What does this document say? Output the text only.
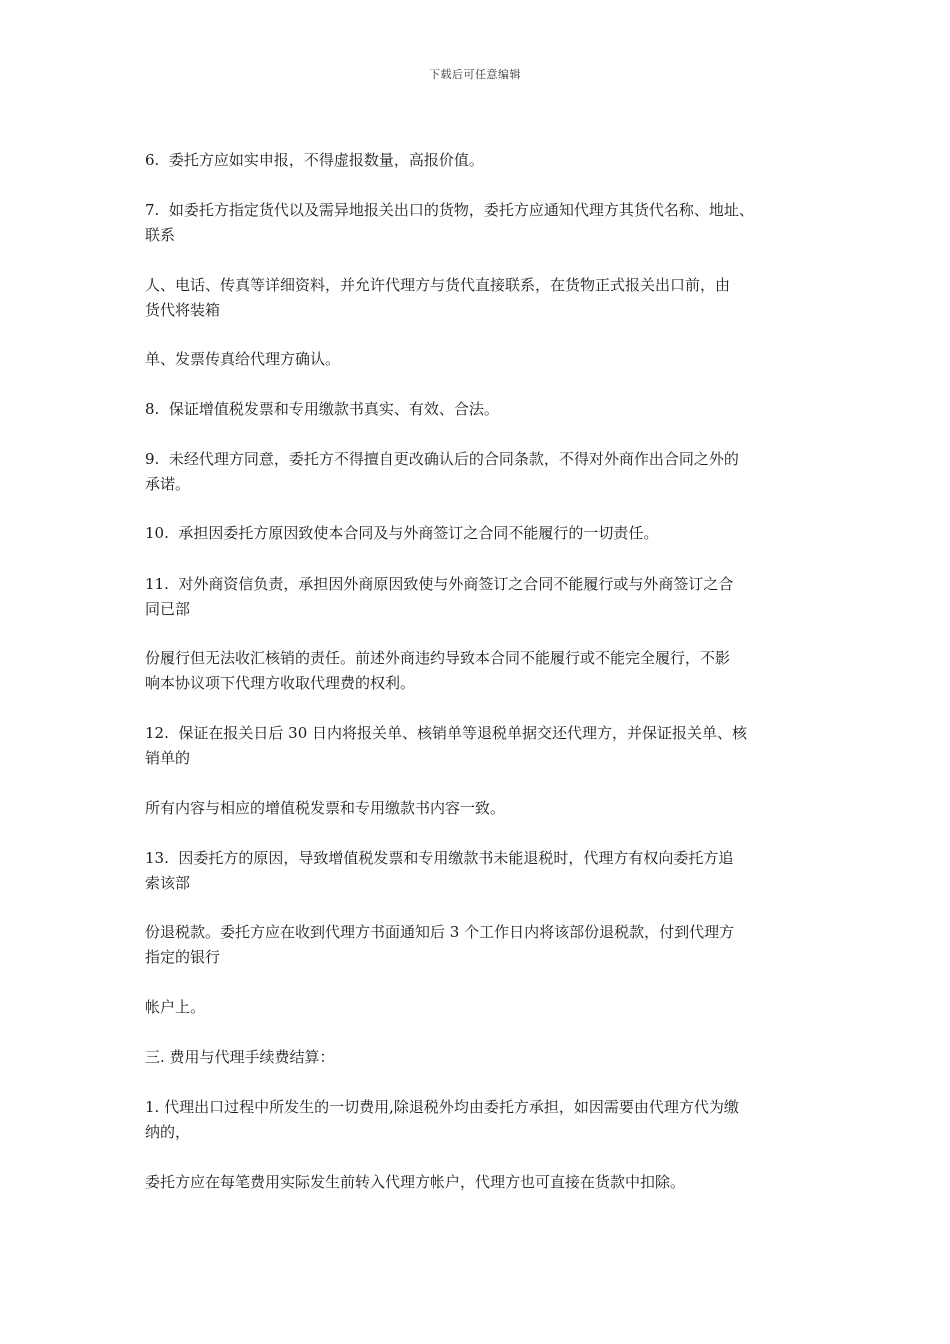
下载后可任意编辑
6.  委托方应如实申报，不得虚报数量，高报价值。
7.  如委托方指定货代以及需异地报关出口的货物，委托方应通知代理方其货代名称、地址、
联系
人、电话、传真等详细资料，并允许代理方与货代直接联系，在货物正式报关出口前，由
货代将装箱
单、发票传真给代理方确认。
8.  保证增值税发票和专用缴款书真实、有效、合法。
9.  未经代理方同意，委托方不得擅自更改确认后的合同条款，不得对外商作出合同之外的
承诺。
10.  承担因委托方原因致使本合同及与外商签订之合同不能履行的一切责任。
11.  对外商资信负责，承担因外商原因致使与外商签订之合同不能履行或与外商签订之合
同已部
份履行但无法收汇核销的责任。前述外商违约导致本合同不能履行或不能完全履行，不影
响本协议项下代理方收取代理费的权利。
12.  保证在报关日后 30 日内将报关单、核销单等退税单据交还代理方，并保证报关单、核
销单的
所有内容与相应的增值税发票和专用缴款书内容一致。
13.  因委托方的原因，导致增值税发票和专用缴款书未能退税时，代理方有权向委托方追
索该部
份退税款。委托方应在收到代理方书面通知后 3 个工作日内将该部份退税款，付到代理方
指定的银行
帐户上。
三. 费用与代理手续费结算：
1. 代理出口过程中所发生的一切费用,除退税外均由委托方承担，如因需要由代理方代为缴
纳的，
委托方应在每笔费用实际发生前转入代理方帐户，代理方也可直接在货款中扣除。
